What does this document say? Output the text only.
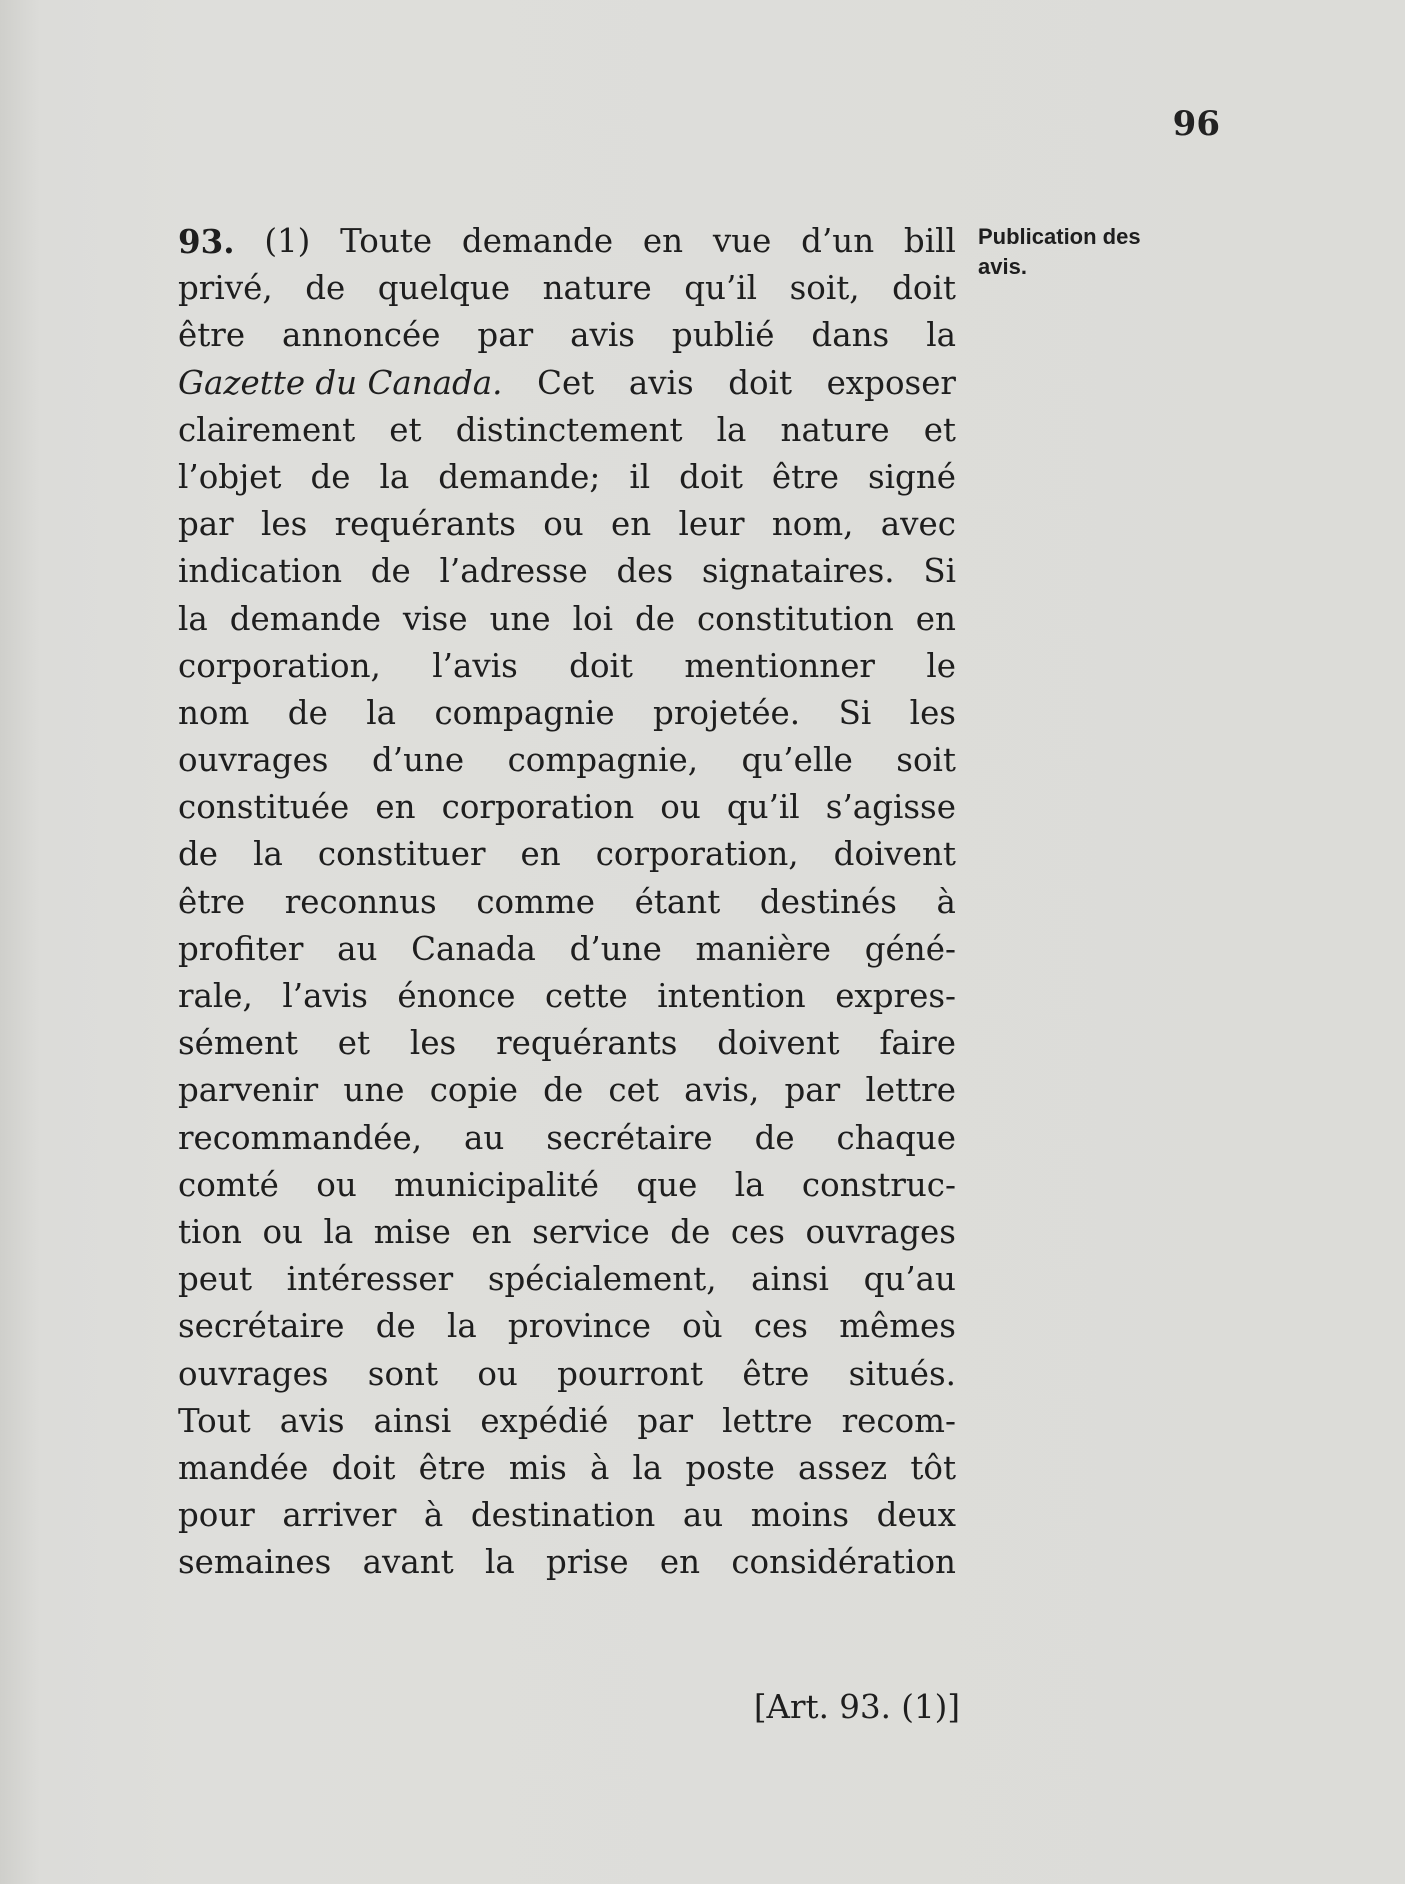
96
Publication des
avis.
93. (1) Toute demande en vue d’un bill
privé, de quelque nature qu’il soit, doit
être annoncée par avis publié dans la
Gazette du Canada. Cet avis doit exposer
clairement et distinctement la nature et
l’objet de la demande; il doit être signé
par les requérants ou en leur nom, avec
indication de l’adresse des signataires. Si
la demande vise une loi de constitution en
corporation, l’avis doit mentionner le
nom de la compagnie projetée. Si les
ouvrages d’une compagnie, qu’elle soit
constituée en corporation ou qu’il s’agisse
de la constituer en corporation, doivent
être reconnus comme étant destinés à
profiter au Canada d’une manière géné-
rale, l’avis énonce cette intention expres-
sément et les requérants doivent faire
parvenir une copie de cet avis, par lettre
recommandée, au secrétaire de chaque
comté ou municipalité que la construc-
tion ou la mise en service de ces ouvrages
peut intéresser spécialement, ainsi qu’au
secrétaire de la province où ces mêmes
ouvrages sont ou pourront être situés.
Tout avis ainsi expédié par lettre recom-
mandée doit être mis à la poste assez tôt
pour arriver à destination au moins deux
semaines avant la prise en considération
[Art. 93. (1)]
